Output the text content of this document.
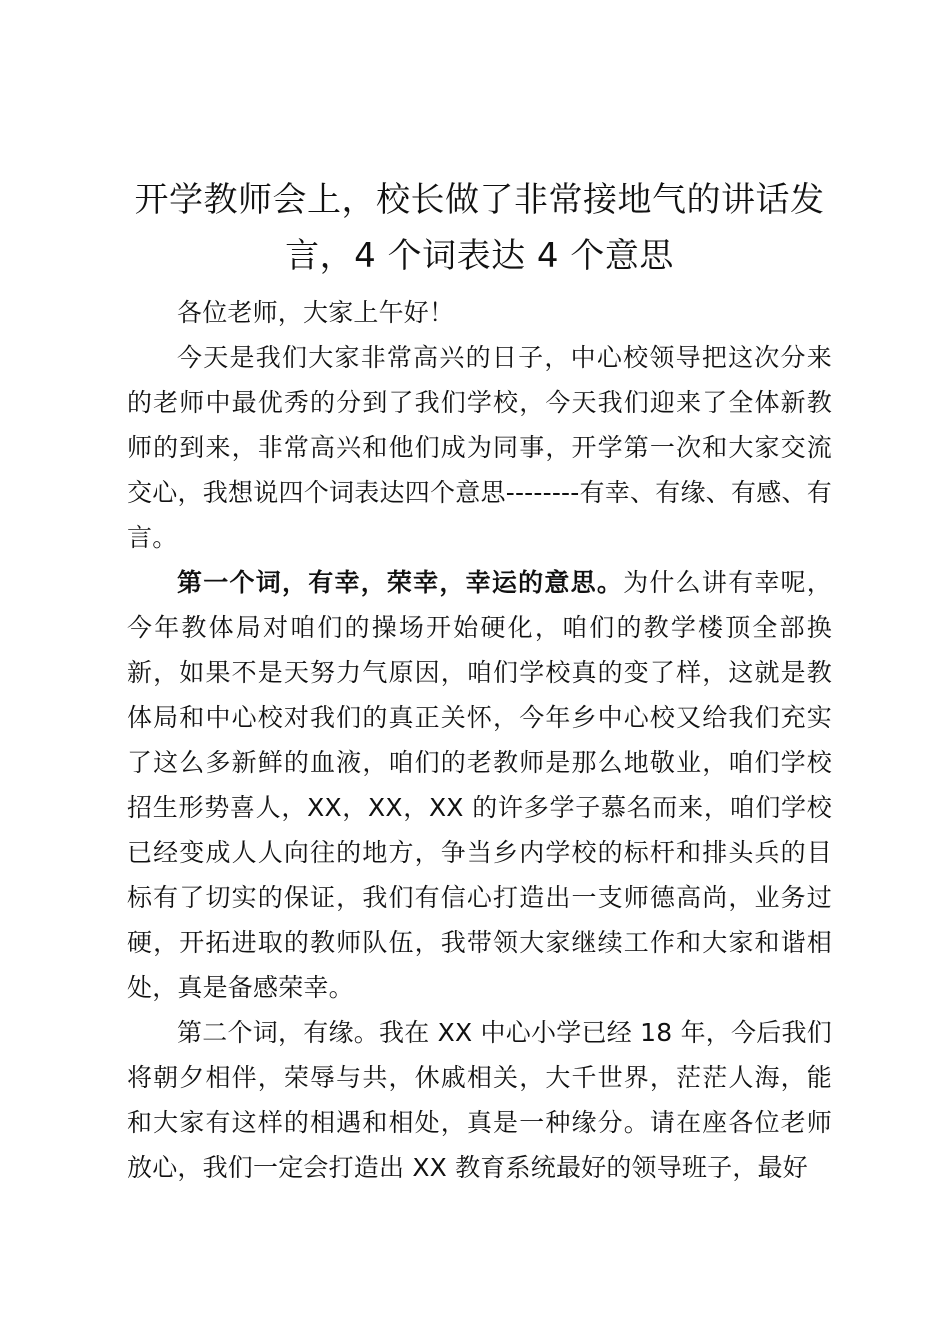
开学教师会上，校长做了非常接地气的讲话发言，4 个词表达 4 个意思

各位老师，大家上午好！

今天是我们大家非常高兴的日子，中心校领导把这次分来的老师中最优秀的分到了我们学校，今天我们迎来了全体新教师的到来，非常高兴和他们成为同事，开学第一次和大家交流交心，我想说四个词表达四个意思--------有幸、有缘、有感、有言。

第一个词，有幸，荣幸，幸运的意思。为什么讲有幸呢，今年教体局对咱们的操场开始硬化，咱们的教学楼顶全部换新，如果不是天努力气原因，咱们学校真的变了样，这就是教体局和中心校对我们的真正关怀，今年乡中心校又给我们充实了这么多新鲜的血液，咱们的老教师是那么地敬业，咱们学校招生形势喜人，XX，XX，XX 的许多学子慕名而来，咱们学校已经变成人人向往的地方，争当乡内学校的标杆和排头兵的目标有了切实的保证，我们有信心打造出一支师德高尚，业务过硬，开拓进取的教师队伍，我带领大家继续工作和大家和谐相处，真是备感荣幸。

第二个词，有缘。我在 XX 中心小学已经 18 年，今后我们将朝夕相伴，荣辱与共，休戚相关，大千世界，茫茫人海，能和大家有这样的相遇和相处，真是一种缘分。请在座各位老师放心，我们一定会打造出 XX 教育系统最好的领导班子，最好
